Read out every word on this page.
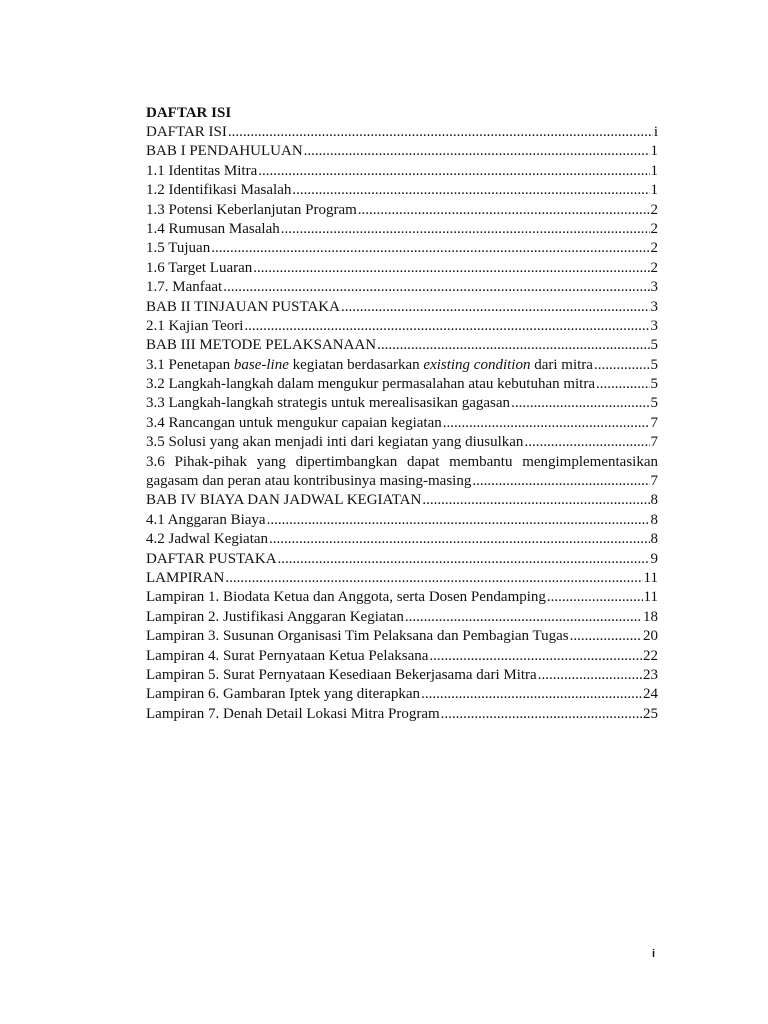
DAFTAR ISI
DAFTAR ISI .....	i
BAB I PENDAHULUAN .....	1
1.1 Identitas Mitra .....	1
1.2 Identifikasi Masalah .....	1
1.3 Potensi Keberlanjutan Program .....	2
1.4 Rumusan Masalah .....	2
1.5 Tujuan .....	2
1.6 Target Luaran .....	2
1.7. Manfaat .....	3
BAB II TINJAUAN PUSTAKA .....	3
2.1 Kajian Teori .....	3
BAB III METODE PELAKSANAAN .....	5
3.1 Penetapan base-line kegiatan berdasarkan existing condition dari mitra .....	5
3.2 Langkah-langkah dalam mengukur permasalahan atau kebutuhan mitra .....	5
3.3 Langkah-langkah strategis untuk merealisasikan gagasan .....	5
3.4 Rancangan untuk mengukur capaian kegiatan .....	7
3.5 Solusi yang akan menjadi inti dari kegiatan yang diusulkan .....	7
3.6 Pihak-pihak yang dipertimbangkan dapat membantu mengimplementasikan
gagasam dan peran atau kontribusinya masing-masing .....	7
BAB IV BIAYA DAN JADWAL KEGIATAN .....	8
4.1 Anggaran Biaya .....	8
4.2 Jadwal Kegiatan .....	8
DAFTAR PUSTAKA .....	9
LAMPIRAN .....	11
Lampiran 1. Biodata Ketua dan Anggota, serta Dosen Pendamping .....	11
Lampiran 2. Justifikasi Anggaran Kegiatan .....	18
Lampiran 3. Susunan Organisasi Tim Pelaksana dan Pembagian Tugas .....	20
Lampiran 4. Surat Pernyataan Ketua Pelaksana .....	22
Lampiran 5. Surat Pernyataan Kesediaan Bekerjasama dari Mitra .....	23
Lampiran 6. Gambaran Iptek yang diterapkan .....	24
Lampiran 7. Denah Detail Lokasi Mitra Program .....	25
i
